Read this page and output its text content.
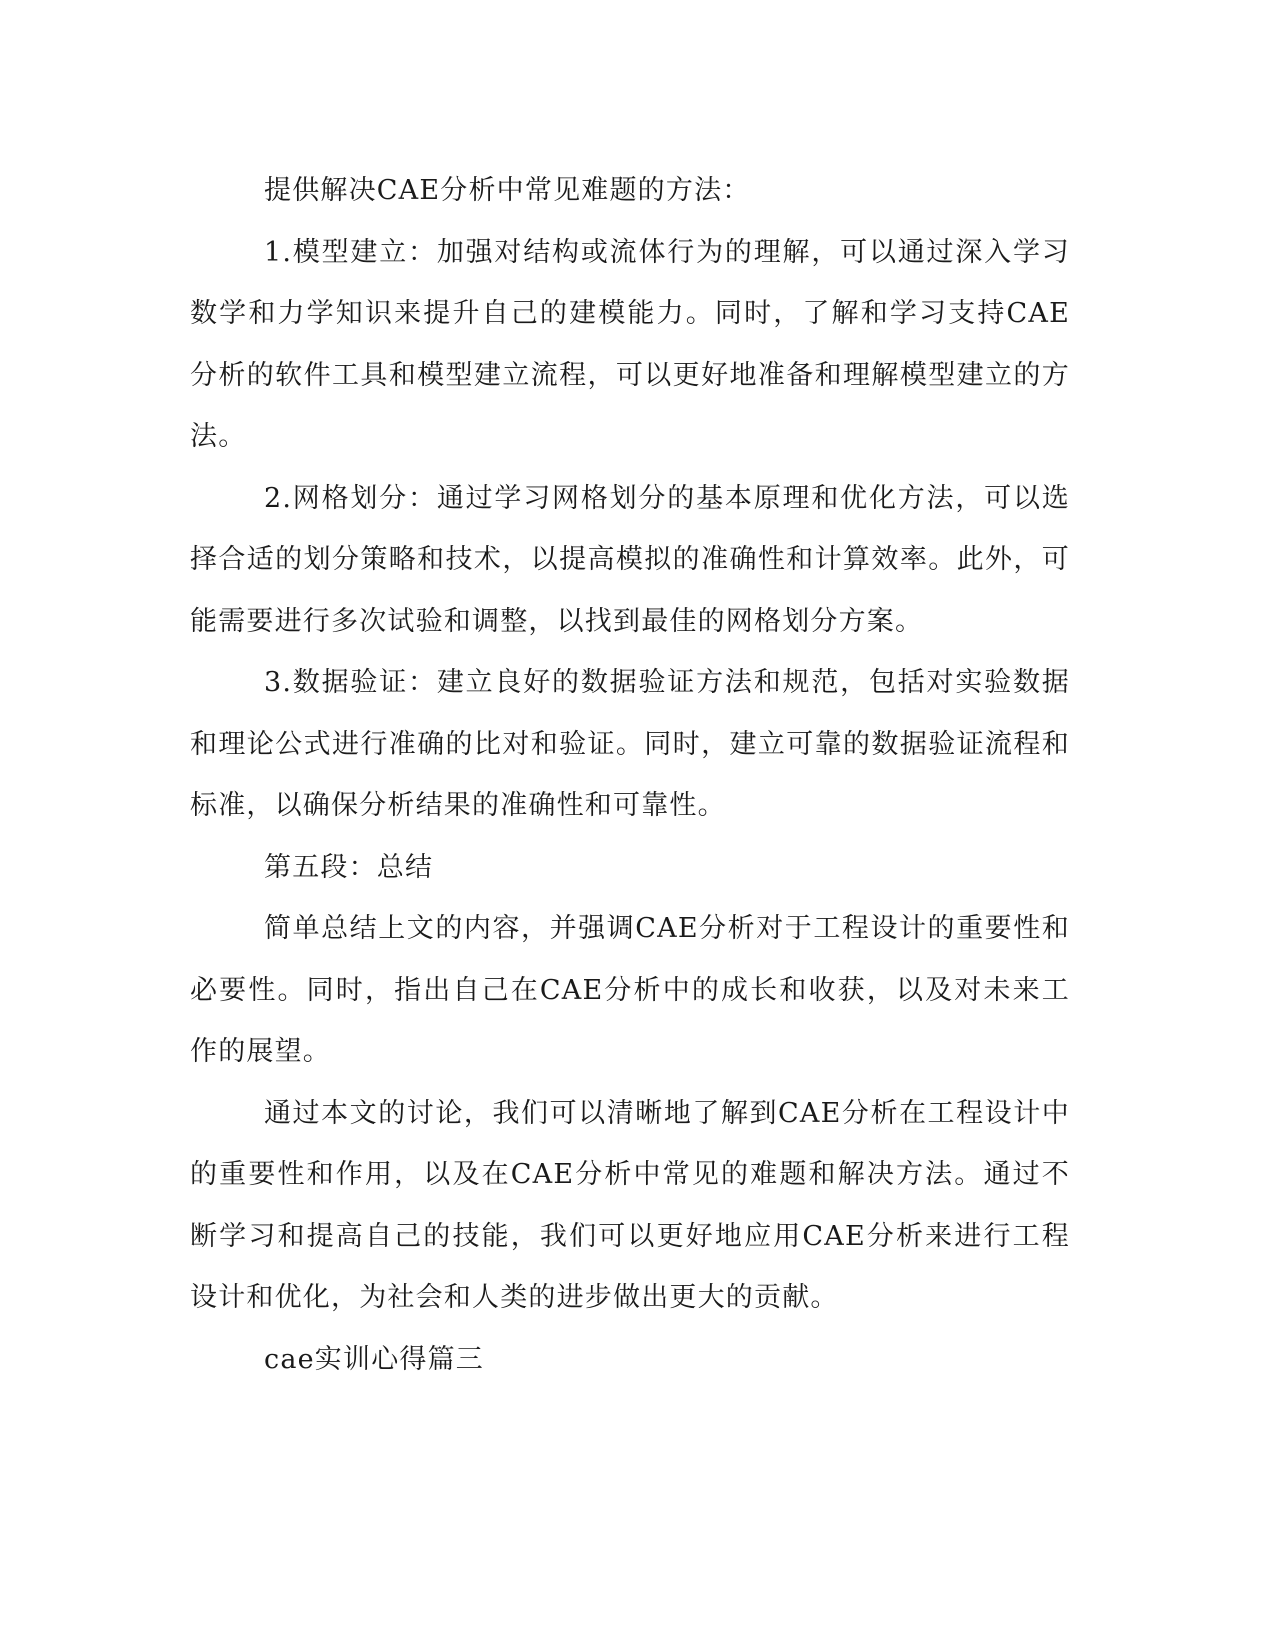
提供解决CAE分析中常见难题的方法：

1.模型建立：加强对结构或流体行为的理解，可以通过深入学习数学和力学知识来提升自己的建模能力。同时，了解和学习支持CAE分析的软件工具和模型建立流程，可以更好地准备和理解模型建立的方法。

2.网格划分：通过学习网格划分的基本原理和优化方法，可以选择合适的划分策略和技术，以提高模拟的准确性和计算效率。此外，可能需要进行多次试验和调整，以找到最佳的网格划分方案。

3.数据验证：建立良好的数据验证方法和规范，包括对实验数据和理论公式进行准确的比对和验证。同时，建立可靠的数据验证流程和标准，以确保分析结果的准确性和可靠性。

第五段：总结

简单总结上文的内容，并强调CAE分析对于工程设计的重要性和必要性。同时，指出自己在CAE分析中的成长和收获，以及对未来工作的展望。

通过本文的讨论，我们可以清晰地了解到CAE分析在工程设计中的重要性和作用，以及在CAE分析中常见的难题和解决方法。通过不断学习和提高自己的技能，我们可以更好地应用CAE分析来进行工程设计和优化，为社会和人类的进步做出更大的贡献。

cae实训心得篇三
